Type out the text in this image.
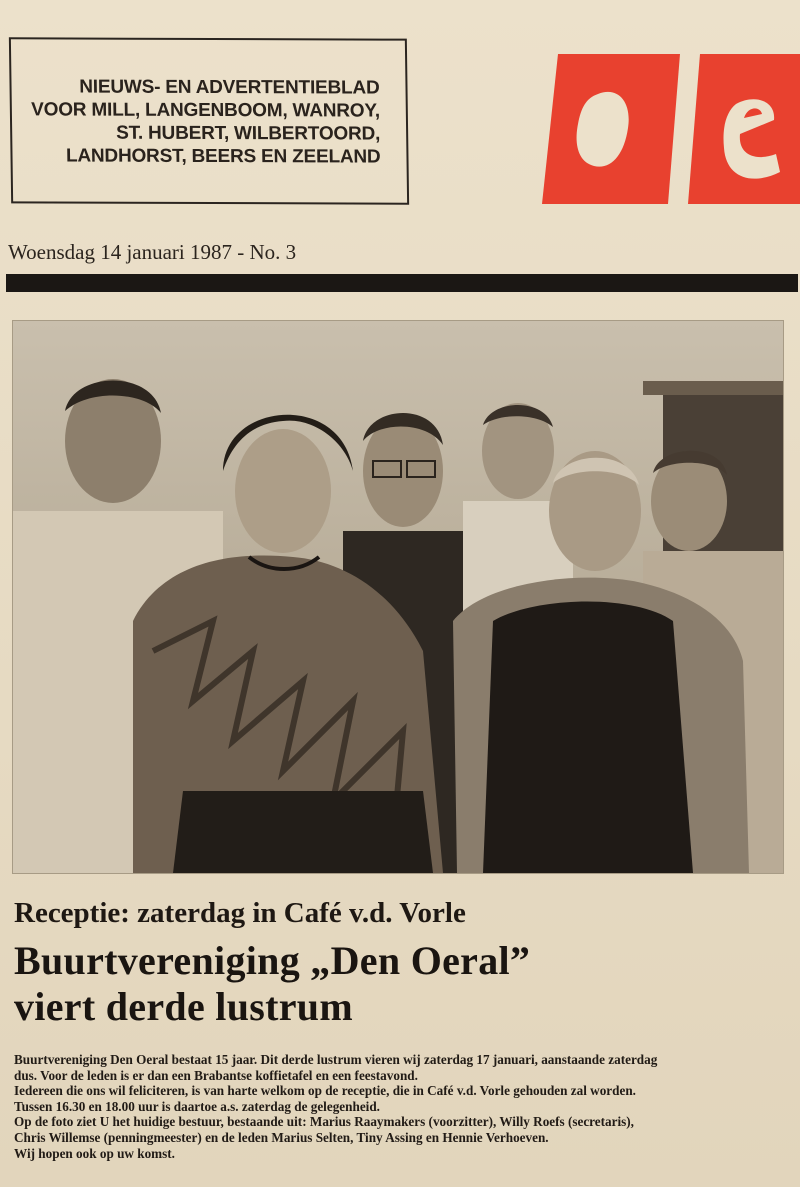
NIEUWS- EN ADVERTENTIEBLAD
VOOR MILL, LANGENBOOM, WANROY,
ST. HUBERT, WILBERTOORD,
LANDHORST, BEERS EN ZEELAND
Woensdag 14 januari 1987 - No. 3

Receptie: zaterdag in Café v.d. Vorle

Buurtvereniging „Den Oeral”
viert derde lustrum
Buurtvereniging Den Oeral bestaat 15 jaar. Dit derde lustrum vieren wij zaterdag 17 januari, aanstaande zaterdag
dus. Voor de leden is er dan een Brabantse koffietafel en een feestavond.
Iedereen die ons wil feliciteren, is van harte welkom op de receptie, die in Café v.d. Vorle gehouden zal worden.
Tussen 16.30 en 18.00 uur is daartoe a.s. zaterdag de gelegenheid.
Op de foto ziet U het huidige bestuur, bestaande uit: Marius Raaymakers (voorzitter), Willy Roefs (secretaris),
Chris Willemse (penningmeester) en de leden Marius Selten, Tiny Assing en Hennie Verhoeven.
Wij hopen ook op uw komst.
